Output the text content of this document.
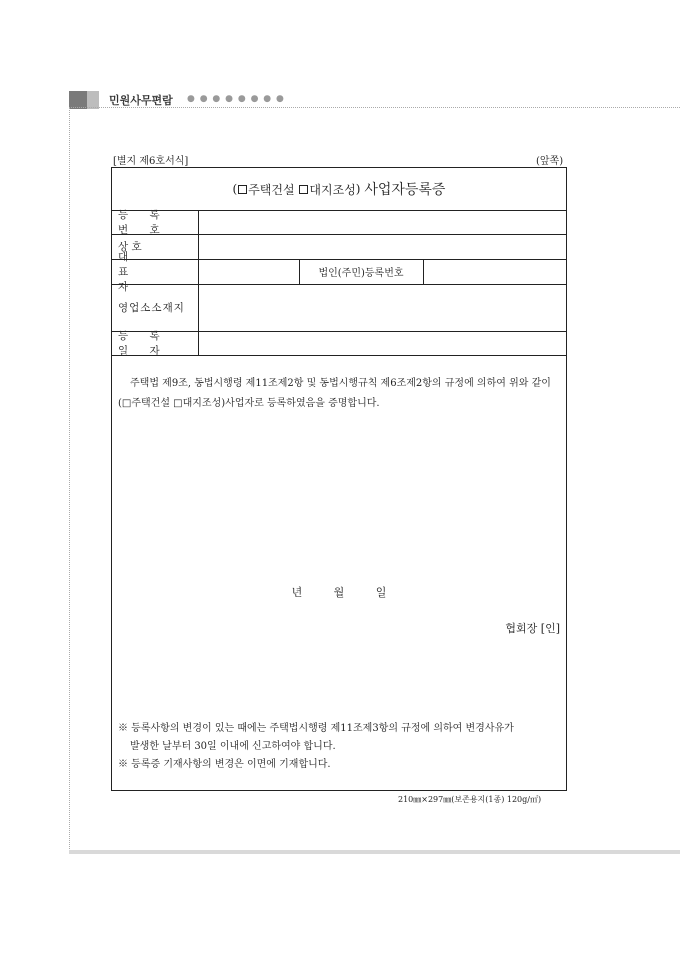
민원사무편람 ● ● ● ● ● ● ● ●
[별지 제6호서식]	(앞쪽)
( 주택건설
대지조성 )
사업자등록증
등 록 번 호
상 호
대 표 자
법인(주민)등록번호
영업소소재지
등 록 일 자
주택법 제9조, 동법시행령 제11조제2항 및 동법시행규칙 제6조제2항의 규정에 의하여 위와 같이(□주택건설 □대지조성)사업자로 등록하였음을 증명합니다.
년 월 일
협회장 [인]
※ 등록사항의 변경이 있는 때에는 주택법시행령 제11조제3항의 규정에 의하여 변경사유가
발생한 날부터 30일 이내에 신고하여야 합니다.
※ 등록증 기재사항의 변경은 이면에 기재합니다.
210㎜×297㎜(보존용지(1종) 120g/㎡)
